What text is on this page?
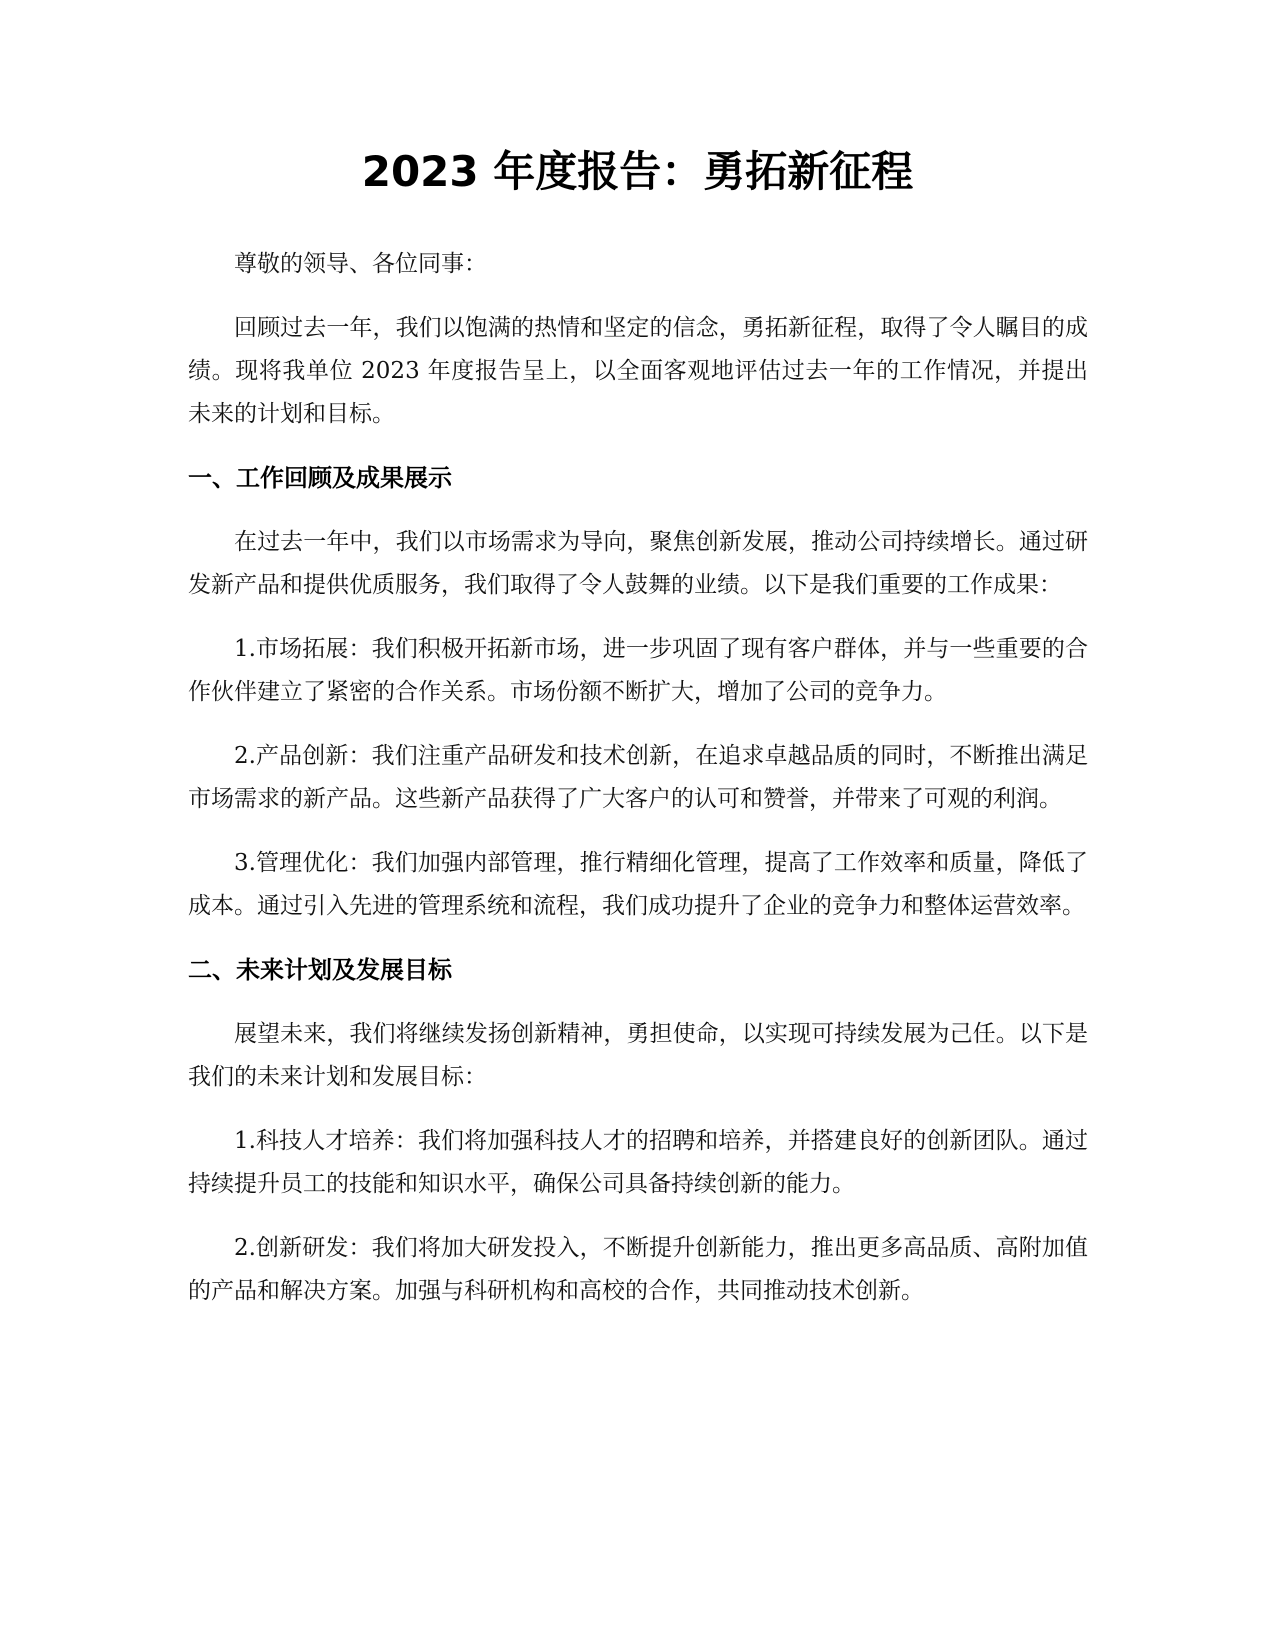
2023 年度报告：勇拓新征程

尊敬的领导、各位同事：

回顾过去一年，我们以饱满的热情和坚定的信念，勇拓新征程，取得了令人瞩目的成绩。现将我单位 2023 年度报告呈上，以全面客观地评估过去一年的工作情况，并提出未来的计划和目标。

一、工作回顾及成果展示

在过去一年中，我们以市场需求为导向，聚焦创新发展，推动公司持续增长。通过研发新产品和提供优质服务，我们取得了令人鼓舞的业绩。以下是我们重要的工作成果：

1.市场拓展：我们积极开拓新市场，进一步巩固了现有客户群体，并与一些重要的合作伙伴建立了紧密的合作关系。市场份额不断扩大，增加了公司的竞争力。

2.产品创新：我们注重产品研发和技术创新，在追求卓越品质的同时，不断推出满足市场需求的新产品。这些新产品获得了广大客户的认可和赞誉，并带来了可观的利润。

3.管理优化：我们加强内部管理，推行精细化管理，提高了工作效率和质量，降低了成本。通过引入先进的管理系统和流程，我们成功提升了企业的竞争力和整体运营效率。

二、未来计划及发展目标

展望未来，我们将继续发扬创新精神，勇担使命，以实现可持续发展为己任。以下是我们的未来计划和发展目标：

1.科技人才培养：我们将加强科技人才的招聘和培养，并搭建良好的创新团队。通过持续提升员工的技能和知识水平，确保公司具备持续创新的能力。

2.创新研发：我们将加大研发投入，不断提升创新能力，推出更多高品质、高附加值的产品和解决方案。加强与科研机构和高校的合作，共同推动技术创新。
